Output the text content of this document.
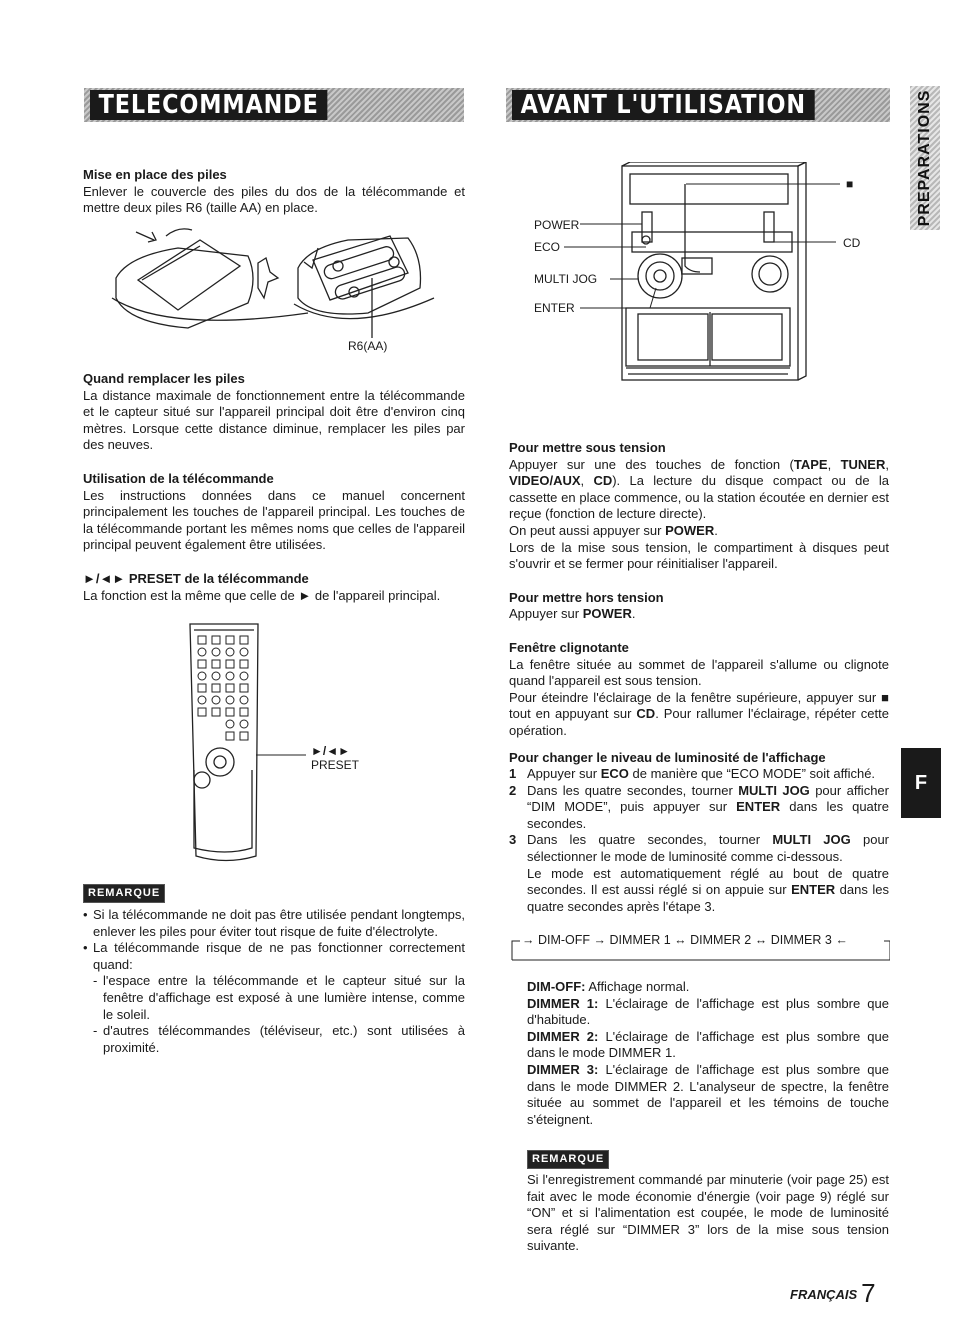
TELECOMMANDE	AVANT L'UTILISATION	PREPARATIONS
F
Mise en place des piles

Enlever le couvercle des piles du dos de la télécommande et mettre deux piles R6 (taille AA) en place.

R6(AA)
Quand remplacer les piles

La distance maximale de fonctionnement entre la télécommande et le capteur situé sur l'appareil principal doit être d'environ cinq mètres. Lorsque cette distance diminue, remplacer les piles par des neuves.

Utilisation de la télécommande

Les instructions données dans ce manuel concernent principalement les touches de l'appareil principal. Les touches de la télécommande portant les mêmes noms que celles de l'appareil principal peuvent également être utilisées.

►/◄► PRESET de la télécommande

La fonction est la même que celle de ► de l'appareil principal.

►/◄►
PRESET
REMARQUE
• Si la télécommande ne doit pas être utilisée pendant longtemps, enlever les piles pour éviter tout risque de fuite d'électrolyte.
• La télécommande risque de ne pas fonctionner correctement quand:
- l'espace entre la télécommande et le capteur situé sur la fenêtre d'affichage est exposé à une lumière intense, comme le soleil.
- d'autres télécommandes (téléviseur, etc.) sont utilisées à proximité.
POWER
ECO
MULTI JOG
ENTER
■
CD
Pour mettre sous tension

Appuyer sur une des touches de fonction (TAPE, TUNER, VIDEO/AUX, CD). La lecture du disque compact ou de la cassette en place commence, ou la station écoutée en dernier est reçue (fonction de lecture directe).

On peut aussi appuyer sur POWER.

Lors de la mise sous tension, le compartiment à disques peut s'ouvrir et se fermer pour réinitialiser l'appareil.

Pour mettre hors tension

Appuyer sur POWER.

Fenêtre clignotante

La fenêtre située au sommet de l'appareil s'allume ou clignote quand l'appareil est sous tension.

Pour éteindre l'éclairage de la fenêtre supérieure, appuyer sur ■ tout en appuyant sur CD. Pour rallumer l'éclairage, répéter cette opération.

Pour changer le niveau de luminosité de l'affichage
1 Appuyer sur ECO de manière que “ECO MODE” soit affiché.
2 Dans les quatre secondes, tourner MULTI JOG pour afficher “DIM MODE”, puis appuyer sur ENTER dans les quatre secondes.
3 Dans les quatre secondes, tourner MULTI JOG pour sélectionner le mode de luminosité comme ci-dessous.
Le mode est automatiquement réglé au bout de quatre secondes. Il est aussi réglé si on appuie sur ENTER dans les quatre secondes après l'étape 3.
→ DIM-OFF → DIMMER 1 ↔ DIMMER 2 ↔ DIMMER 3 ←

DIM-OFF: Affichage normal.

DIMMER 1: L'éclairage de l'affichage est plus sombre que d'habitude.

DIMMER 2: L'éclairage de l'affichage est plus sombre que dans le mode DIMMER 1.

DIMMER 3: L'éclairage de l'affichage est plus sombre que dans le mode DIMMER 2. L'analyseur de spectre, la fenêtre située au sommet de l'appareil et les témoins de touche s'éteignent.

REMARQUE

Si l'enregistrement commandé par minuterie (voir page 25) est fait avec le mode économie d'énergie (voir page 9) réglé sur “ON” et si l'alimentation est coupée, le mode de luminosité sera réglé sur “DIMMER 3” lors de la mise sous tension suivante.

FRANÇAIS 7
